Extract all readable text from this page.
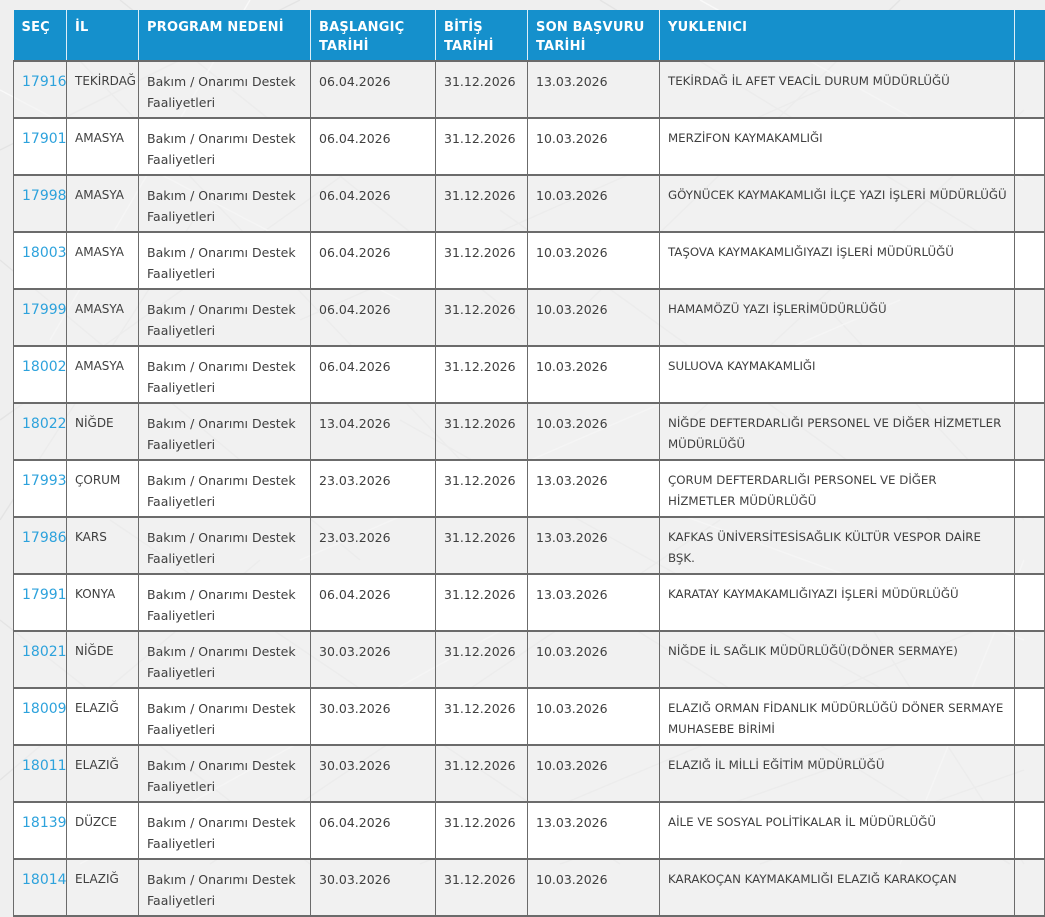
SEÇ	İL	PROGRAM NEDENİ	BAŞLANGIÇ TARİHİ	BİTİŞ TARİHİ	SON BAŞVURU TARİHİ	YUKLENICI	
17916	TEKİRDAĞ	Bakım / Onarımı Destek Faaliyetleri	06.04.2026	31.12.2026	13.03.2026	TEKİRDAĞ İL AFET VEACİL DURUM MÜDÜRLÜĞÜ	
17901	AMASYA	Bakım / Onarımı Destek Faaliyetleri	06.04.2026	31.12.2026	10.03.2026	MERZİFON KAYMAKAMLIĞI	
17998	AMASYA	Bakım / Onarımı Destek Faaliyetleri	06.04.2026	31.12.2026	10.03.2026	GÖYNÜCEK KAYMAKAMLIĞI İLÇE YAZI İŞLERİ MÜDÜRLÜĞÜ	
18003	AMASYA	Bakım / Onarımı Destek Faaliyetleri	06.04.2026	31.12.2026	10.03.2026	TAŞOVA KAYMAKAMLIĞIYAZI İŞLERİ MÜDÜRLÜĞÜ	
17999	AMASYA	Bakım / Onarımı Destek Faaliyetleri	06.04.2026	31.12.2026	10.03.2026	HAMAMÖZÜ YAZI İŞLERİMÜDÜRLÜĞÜ	
18002	AMASYA	Bakım / Onarımı Destek Faaliyetleri	06.04.2026	31.12.2026	10.03.2026	SULUOVA KAYMAKAMLIĞI	
18022	NİĞDE	Bakım / Onarımı Destek Faaliyetleri	13.04.2026	31.12.2026	10.03.2026	NİĞDE DEFTERDARLIĞI PERSONEL VE DİĞER HİZMETLER MÜDÜRLÜĞÜ	
17993	ÇORUM	Bakım / Onarımı Destek Faaliyetleri	23.03.2026	31.12.2026	13.03.2026	ÇORUM DEFTERDARLIĞI PERSONEL VE DİĞER HİZMETLER MÜDÜRLÜĞÜ	
17986	KARS	Bakım / Onarımı Destek Faaliyetleri	23.03.2026	31.12.2026	13.03.2026	KAFKAS ÜNİVERSİTESİSAĞLIK KÜLTÜR VESPOR DAİRE BŞK.	
17991	KONYA	Bakım / Onarımı Destek Faaliyetleri	06.04.2026	31.12.2026	13.03.2026	KARATAY KAYMAKAMLIĞIYAZI İŞLERİ MÜDÜRLÜĞÜ	
18021	NİĞDE	Bakım / Onarımı Destek Faaliyetleri	30.03.2026	31.12.2026	10.03.2026	NİĞDE İL SAĞLIK MÜDÜRLÜĞÜ(DÖNER SERMAYE)	
18009	ELAZIĞ	Bakım / Onarımı Destek Faaliyetleri	30.03.2026	31.12.2026	10.03.2026	ELAZIĞ ORMAN FİDANLIK MÜDÜRLÜĞÜ DÖNER SERMAYE MUHASEBE BİRİMİ	
18011	ELAZIĞ	Bakım / Onarımı Destek Faaliyetleri	30.03.2026	31.12.2026	10.03.2026	ELAZIĞ İL MİLLİ EĞİTİM MÜDÜRLÜĞÜ	
18139	DÜZCE	Bakım / Onarımı Destek Faaliyetleri	06.04.2026	31.12.2026	13.03.2026	AİLE VE SOSYAL POLİTİKALAR İL MÜDÜRLÜĞÜ	
18014	ELAZIĞ	Bakım / Onarımı Destek Faaliyetleri	30.03.2026	31.12.2026	10.03.2026	KARAKOÇAN KAYMAKAMLIĞI ELAZIĞ KARAKOÇAN	
